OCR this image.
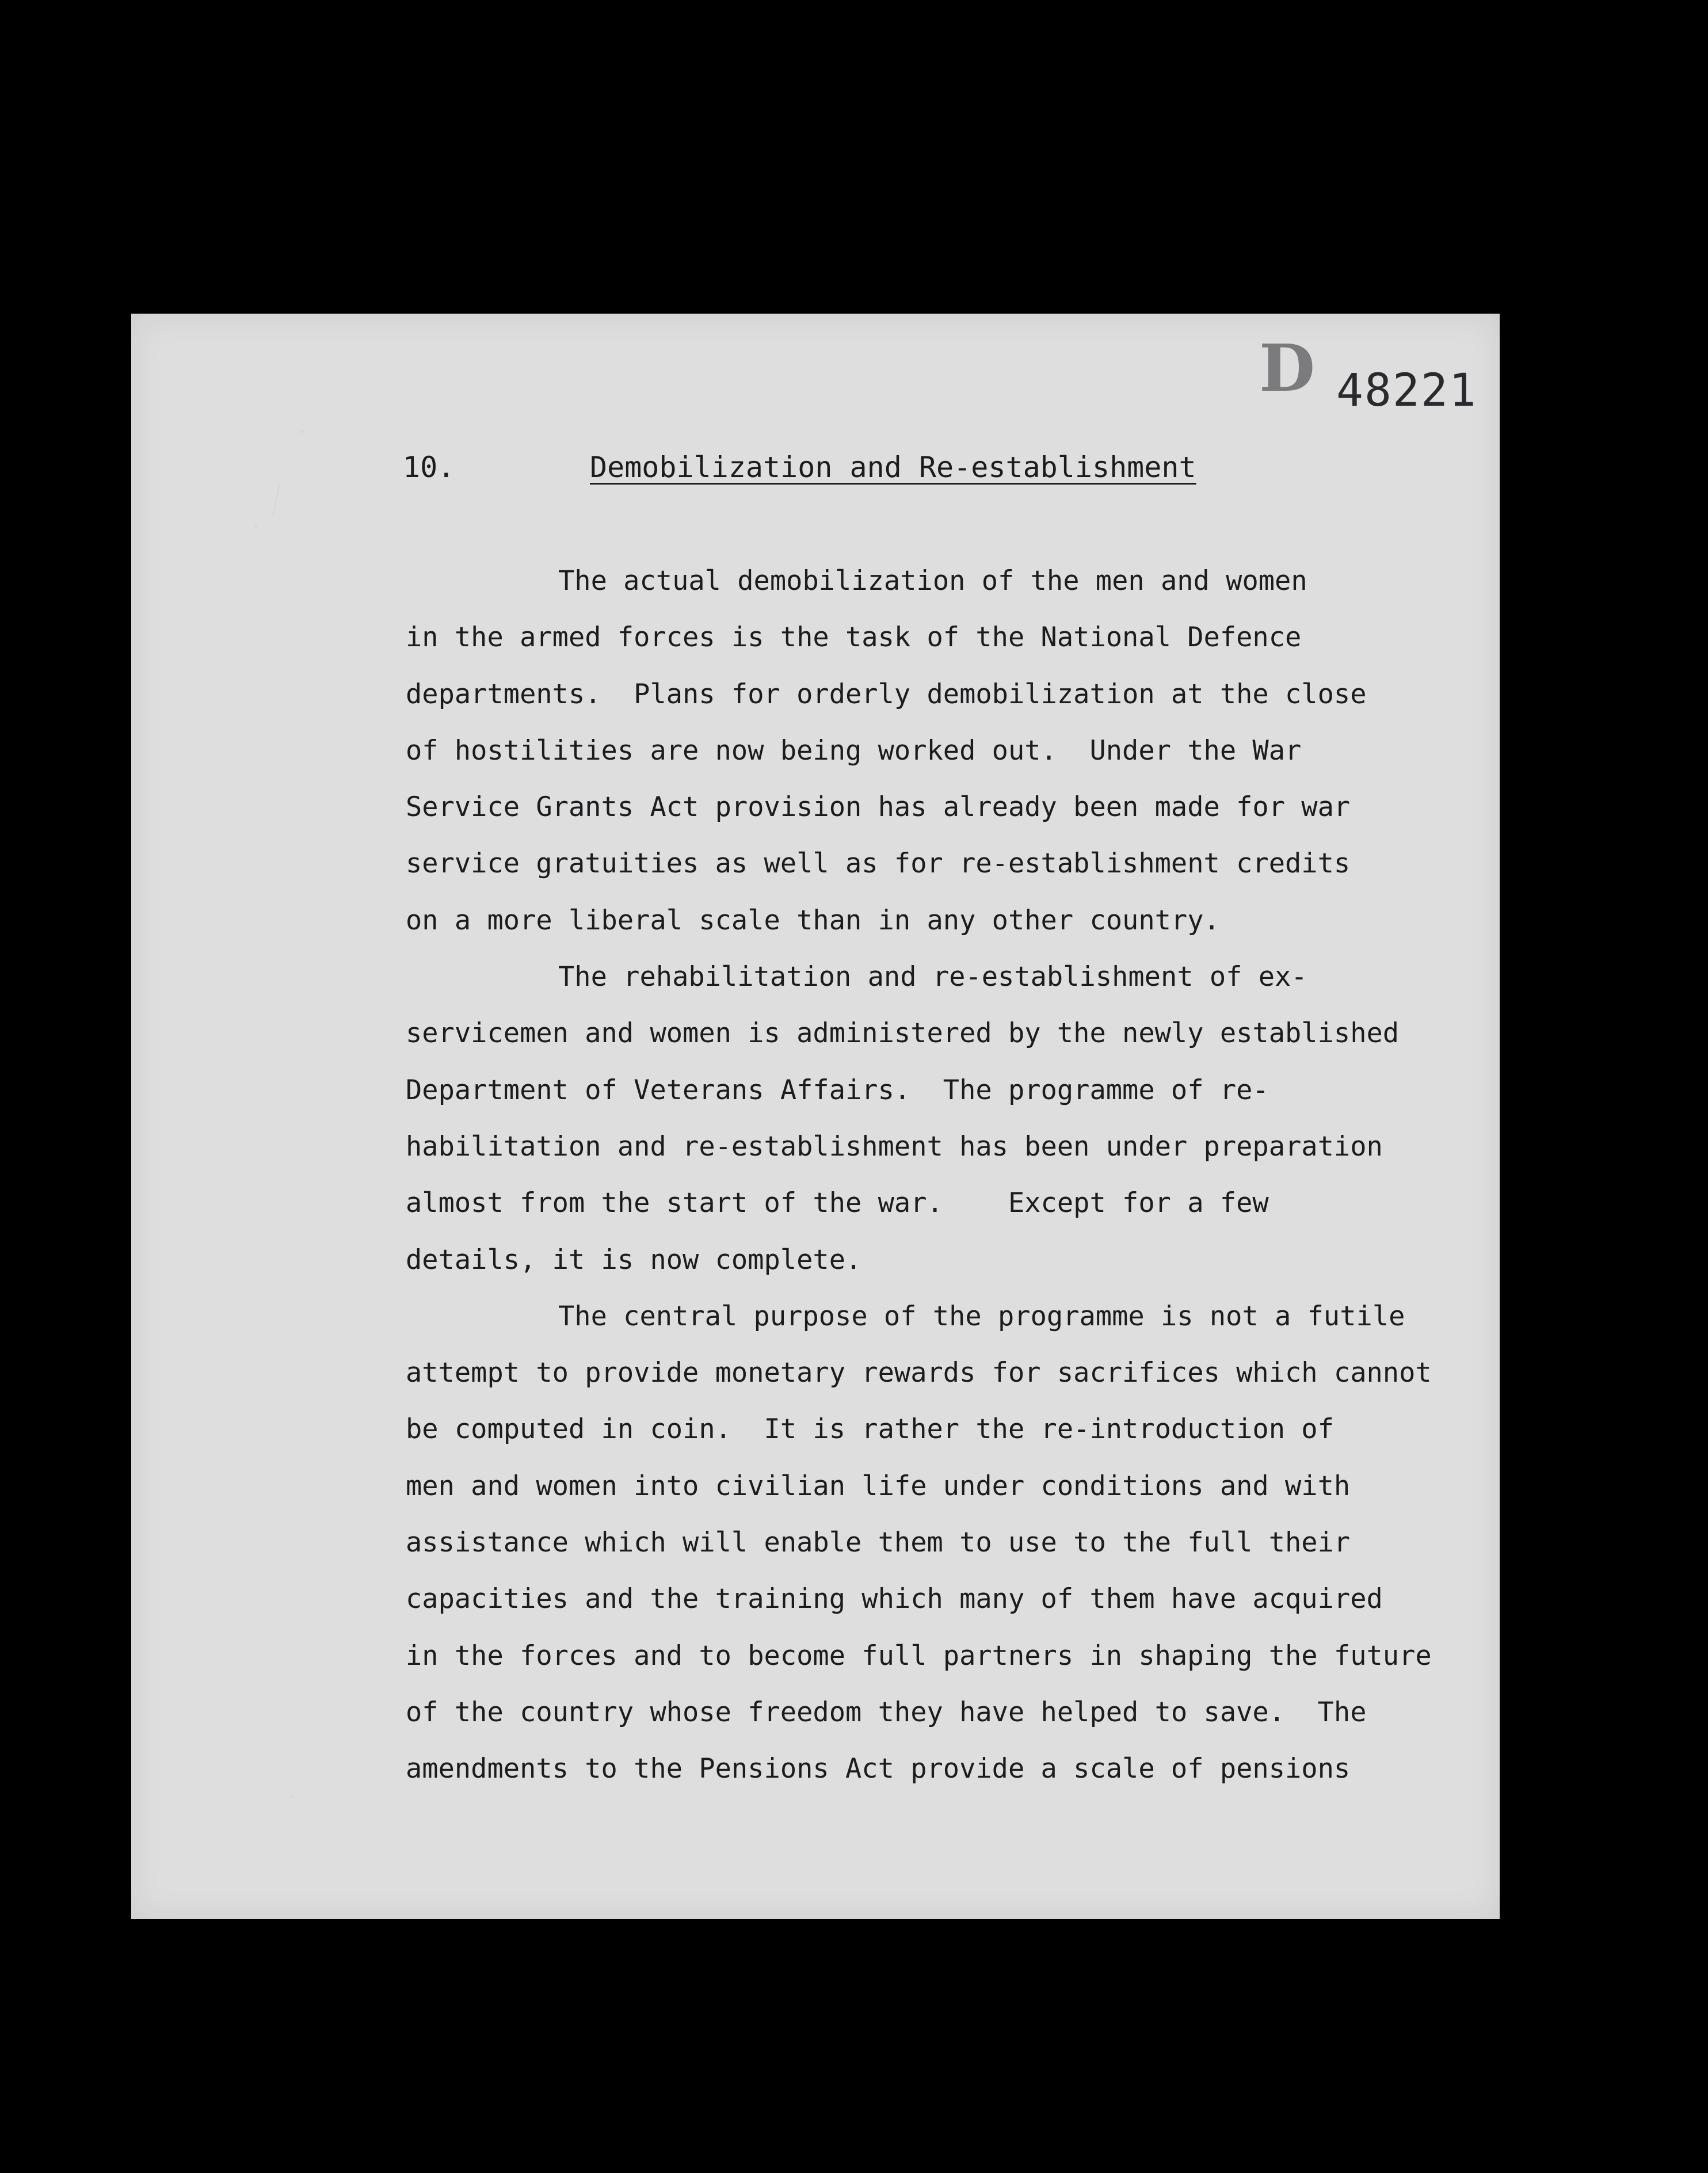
D 48221
10.	Demobilization and Re-establishment
The actual demobilization of the men and women
in the armed forces is the task of the National Defence
departments.  Plans for orderly demobilization at the close
of hostilities are now being worked out.  Under the War
Service Grants Act provision has already been made for war
service gratuities as well as for re-establishment credits
on a more liberal scale than in any other country.
The rehabilitation and re-establishment of ex-
servicemen and women is administered by the newly established
Department of Veterans Affairs.  The programme of re-
habilitation and re-establishment has been under preparation
almost from the start of the war.    Except for a few
details, it is now complete.
The central purpose of the programme is not a futile
attempt to provide monetary rewards for sacrifices which cannot
be computed in coin.  It is rather the re-introduction of
men and women into civilian life under conditions and with
assistance which will enable them to use to the full their
capacities and the training which many of them have acquired
in the forces and to become full partners in shaping the future
of the country whose freedom they have helped to save.  The
amendments to the Pensions Act provide a scale of pensions
